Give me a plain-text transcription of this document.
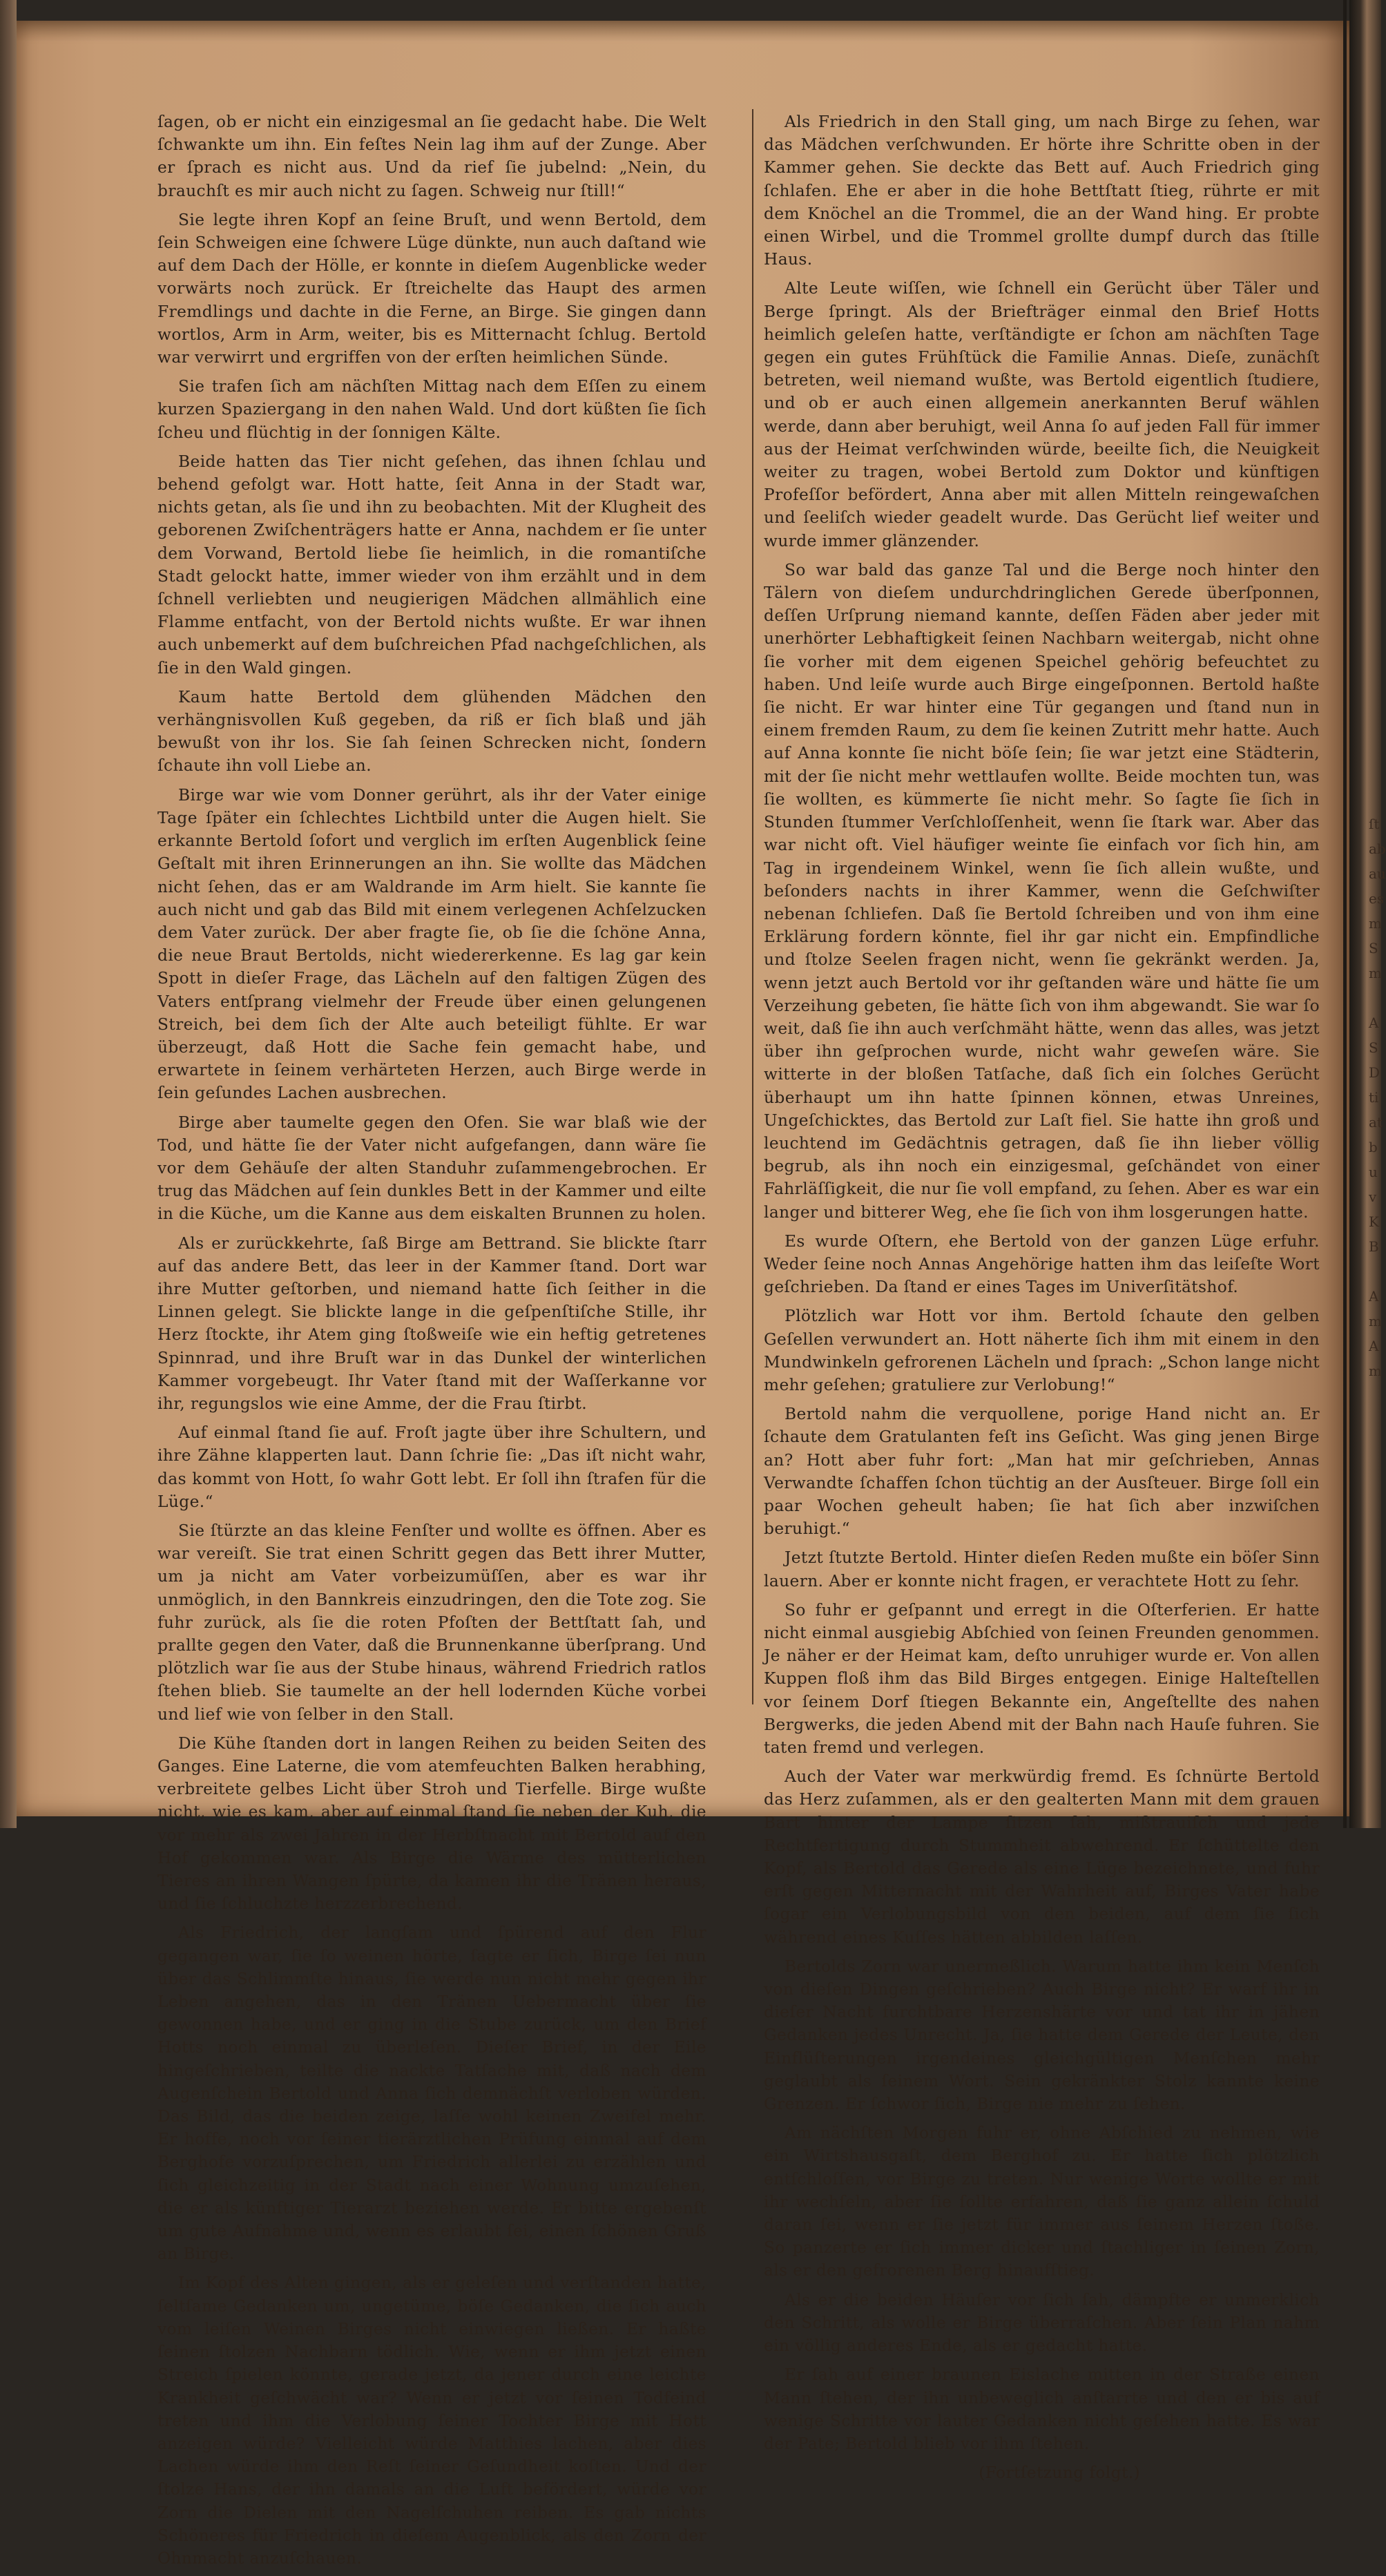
ſagen, ob er nicht ein einzigesmal an ſie gedacht habe. Die Welt ſchwankte um ihn. Ein feſtes Nein lag ihm auf der Zunge. Aber er ſprach es nicht aus. Und da rief ſie jubelnd: „Nein, du brauchſt es mir auch nicht zu ſagen. Schweig nur ſtill!“

Sie legte ihren Kopf an ſeine Bruſt, und wenn Bertold, dem ſein Schweigen eine ſchwere Lüge dünkte, nun auch daſtand wie auf dem Dach der Hölle, er konnte in dieſem Augenblicke weder vorwärts noch zurück. Er ſtreichelte das Haupt des armen Fremdlings und dachte in die Ferne, an Birge. Sie gingen dann wortlos, Arm in Arm, weiter, bis es Mitternacht ſchlug. Bertold war verwirrt und ergriffen von der erſten heimlichen Sünde.

Sie trafen ſich am nächſten Mittag nach dem Eſſen zu einem kurzen Spaziergang in den nahen Wald. Und dort küßten ſie ſich ſcheu und flüchtig in der ſonnigen Kälte.

Beide hatten das Tier nicht geſehen, das ihnen ſchlau und behend gefolgt war. Hott hatte, ſeit Anna in der Stadt war, nichts getan, als ſie und ihn zu beobachten. Mit der Klugheit des geborenen Zwiſchenträgers hatte er Anna, nachdem er ſie unter dem Vorwand, Bertold liebe ſie heimlich, in die romantiſche Stadt gelockt hatte, immer wieder von ihm erzählt und in dem ſchnell verliebten und neugierigen Mädchen allmählich eine Flamme entfacht, von der Bertold nichts wußte. Er war ihnen auch unbemerkt auf dem buſchreichen Pfad nachgeſchlichen, als ſie in den Wald gingen.

Kaum hatte Bertold dem glühenden Mädchen den verhängnisvollen Kuß gegeben, da riß er ſich blaß und jäh bewußt von ihr los. Sie ſah ſeinen Schrecken nicht, ſondern ſchaute ihn voll Liebe an.

Birge war wie vom Donner gerührt, als ihr der Vater einige Tage ſpäter ein ſchlechtes Lichtbild unter die Augen hielt. Sie erkannte Bertold ſofort und verglich im erſten Augenblick ſeine Geſtalt mit ihren Erinnerungen an ihn. Sie wollte das Mädchen nicht ſehen, das er am Waldrande im Arm hielt. Sie kannte ſie auch nicht und gab das Bild mit einem verlegenen Achſelzucken dem Vater zurück. Der aber fragte ſie, ob ſie die ſchöne Anna, die neue Braut Bertolds, nicht wiedererkenne. Es lag gar kein Spott in dieſer Frage, das Lächeln auf den faltigen Zügen des Vaters entſprang vielmehr der Freude über einen gelungenen Streich, bei dem ſich der Alte auch beteiligt fühlte. Er war überzeugt, daß Hott die Sache fein gemacht habe, und erwartete in ſeinem verhärteten Herzen, auch Birge werde in ſein geſundes Lachen ausbrechen.

Birge aber taumelte gegen den Ofen. Sie war blaß wie der Tod, und hätte ſie der Vater nicht aufgefangen, dann wäre ſie vor dem Gehäuſe der alten Standuhr zuſammengebrochen. Er trug das Mädchen auf ſein dunkles Bett in der Kammer und eilte in die Küche, um die Kanne aus dem eiskalten Brunnen zu holen.

Als er zurückkehrte, ſaß Birge am Bettrand. Sie blickte ſtarr auf das andere Bett, das leer in der Kammer ſtand. Dort war ihre Mutter geſtorben, und niemand hatte ſich ſeither in die Linnen gelegt. Sie blickte lange in die geſpenſtiſche Stille, ihr Herz ſtockte, ihr Atem ging ſtoßweiſe wie ein heftig getretenes Spinnrad, und ihre Bruſt war in das Dunkel der winterlichen Kammer vorgebeugt. Ihr Vater ſtand mit der Waſſerkanne vor ihr, regungslos wie eine Amme, der die Frau ſtirbt.

Auf einmal ſtand ſie auf. Froſt jagte über ihre Schultern, und ihre Zähne klapperten laut. Dann ſchrie ſie: „Das iſt nicht wahr, das kommt von Hott, ſo wahr Gott lebt. Er ſoll ihn ſtrafen für die Lüge.“

Sie ſtürzte an das kleine Fenſter und wollte es öffnen. Aber es war vereiſt. Sie trat einen Schritt gegen das Bett ihrer Mutter, um ja nicht am Vater vorbeizumüſſen, aber es war ihr unmöglich, in den Bannkreis einzudringen, den die Tote zog. Sie fuhr zurück, als ſie die roten Pfoſten der Bettſtatt ſah, und prallte gegen den Vater, daß die Brunnenkanne überſprang. Und plötzlich war ſie aus der Stube hinaus, während Friedrich ratlos ſtehen blieb. Sie taumelte an der hell lodernden Küche vorbei und lief wie von ſelber in den Stall.

Die Kühe ſtanden dort in langen Reihen zu beiden Seiten des Ganges. Eine Laterne, die vom atemfeuchten Balken herabhing, verbreitete gelbes Licht über Stroh und Tierfelle. Birge wußte nicht, wie es kam, aber auf einmal ſtand ſie neben der Kuh, die vor mehr als zwei Jahren in der Herbſtnacht mit Bertold auf den Hof gekommen war. Als Birge die Wärme des mütterlichen Tieres an ihren Wangen ſpürte, da kamen ihr die Tränen heraus, und ſie ſchluchzte herzzerbrechend.

Als Friedrich, der langſam und ſpürend auf den Flur gegangen war, ſie ſo weinen hörte, ſagte er ſich, Birge ſei nun über das Schlimmſte hinaus, ſie werde nun nicht mehr gegen ihr Leben angehen, das in den Tränen Uebermacht über ſie gewonnen habe, und er ging in die Stube zurück, um den Brief Hotts noch einmal zu überleſen. Dieſer Brief, in der Eile hingeſchrieben, teilte die nackte Tatſache mit, daß nach dem Augenſchein Bertold und Anna ſich demnächſt verloben würden. Das Bild, das die beiden zeige, laſſe wohl keinen Zweifel mehr. Er hoffe, noch vor ſeiner tierärztlichen Prüfung einmal auf dem Berghofe vorzuſprechen, um Friedrich allerlei zu erzählen und ſich gleichzeitig in der Stadt nach einer Wohnung umzuſehen, die er als künftiger Tierarzt beziehen werde. Er bitte ergebenſt um gute Aufnahme und, wenn es erlaubt ſei, einen ſchönen Gruß an Birge.

Im Kopf des Alten gingen, als er geleſen und verſtanden hatte, ſeltſame Gedanken um, ungetüme, böſe Gedanken, die ſich auch vom leiſen Weinen Birges nicht einwiegen ließen. Er haßte ſeinen ſtolzen Nachbarn tödlich. Wie, wenn er ihm jetzt einen Streich ſpielen könnte, gerade jetzt, da jener durch eine leichte Krankheit geſchwächt war? Wenn er jetzt vor ſeinen Todfeind treten und ihm die Verlobung ſeiner Tochter Birge mit Hott anzeigen würde? Vielleicht würde Matthies lachen, aber dies Lachen würde ihm den Reſt ſeiner Geſundheit koſten. Und der ſtolze Hans, der ihn damals an die Luft befördert, würde vor Zorn die Dielen mit den Nagelſchuhen reiben. Es gab nichts Schöneres für Friedrich in dieſem Augenblick, als den Zorn der Ohnmacht anzuſchauen.

Als Friedrich in den Stall ging, um nach Birge zu ſehen, war das Mädchen verſchwunden. Er hörte ihre Schritte oben in der Kammer gehen. Sie deckte das Bett auf. Auch Friedrich ging ſchlafen. Ehe er aber in die hohe Bettſtatt ſtieg, rührte er mit dem Knöchel an die Trommel, die an der Wand hing. Er probte einen Wirbel, und die Trommel grollte dumpf durch das ſtille Haus.

Alte Leute wiſſen, wie ſchnell ein Gerücht über Täler und Berge ſpringt. Als der Briefträger einmal den Brief Hotts heimlich geleſen hatte, verſtändigte er ſchon am nächſten Tage gegen ein gutes Frühſtück die Familie Annas. Dieſe, zunächſt betreten, weil niemand wußte, was Bertold eigentlich ſtudiere, und ob er auch einen allgemein anerkannten Beruf wählen werde, dann aber beruhigt, weil Anna ſo auf jeden Fall für immer aus der Heimat verſchwinden würde, beeilte ſich, die Neuigkeit weiter zu tragen, wobei Bertold zum Doktor und künftigen Profeſſor befördert, Anna aber mit allen Mitteln reingewaſchen und ſeeliſch wieder geadelt wurde. Das Gerücht lief weiter und wurde immer glänzender.

So war bald das ganze Tal und die Berge noch hinter den Tälern von dieſem undurchdringlichen Gerede überſponnen, deſſen Urſprung niemand kannte, deſſen Fäden aber jeder mit unerhörter Lebhaftigkeit ſeinen Nachbarn weitergab, nicht ohne ſie vorher mit dem eigenen Speichel gehörig befeuchtet zu haben. Und leiſe wurde auch Birge eingeſponnen. Bertold haßte ſie nicht. Er war hinter eine Tür gegangen und ſtand nun in einem fremden Raum, zu dem ſie keinen Zutritt mehr hatte. Auch auf Anna konnte ſie nicht böſe ſein; ſie war jetzt eine Städterin, mit der ſie nicht mehr wettlaufen wollte. Beide mochten tun, was ſie wollten, es kümmerte ſie nicht mehr. So ſagte ſie ſich in Stunden ſtummer Verſchloſſenheit, wenn ſie ſtark war. Aber das war nicht oft. Viel häufiger weinte ſie einfach vor ſich hin, am Tag in irgendeinem Winkel, wenn ſie ſich allein wußte, und beſonders nachts in ihrer Kammer, wenn die Geſchwiſter nebenan ſchliefen. Daß ſie Bertold ſchreiben und von ihm eine Erklärung fordern könnte, fiel ihr gar nicht ein. Empfindliche und ſtolze Seelen fragen nicht, wenn ſie gekränkt werden. Ja, wenn jetzt auch Bertold vor ihr geſtanden wäre und hätte ſie um Verzeihung gebeten, ſie hätte ſich von ihm abgewandt. Sie war ſo weit, daß ſie ihn auch verſchmäht hätte, wenn das alles, was jetzt über ihn geſprochen wurde, nicht wahr geweſen wäre. Sie witterte in der bloßen Tatſache, daß ſich ein ſolches Gerücht überhaupt um ihn hatte ſpinnen können, etwas Unreines, Ungeſchicktes, das Bertold zur Laſt fiel. Sie hatte ihn groß und leuchtend im Gedächtnis getragen, daß ſie ihn lieber völlig begrub, als ihn noch ein einzigesmal, geſchändet von einer Fahrläſſigkeit, die nur ſie voll empfand, zu ſehen. Aber es war ein langer und bitterer Weg, ehe ſie ſich von ihm losgerungen hatte.

Es wurde Oſtern, ehe Bertold von der ganzen Lüge erfuhr. Weder ſeine noch Annas Angehörige hatten ihm das leiſeſte Wort geſchrieben. Da ſtand er eines Tages im Univerſitätshof.

Plötzlich war Hott vor ihm. Bertold ſchaute den gelben Geſellen verwundert an. Hott näherte ſich ihm mit einem in den Mundwinkeln gefrorenen Lächeln und ſprach: „Schon lange nicht mehr geſehen; gratuliere zur Verlobung!“

Bertold nahm die verquollene, porige Hand nicht an. Er ſchaute dem Gratulanten feſt ins Geſicht. Was ging jenen Birge an? Hott aber fuhr fort: „Man hat mir geſchrieben, Annas Verwandte ſchaffen ſchon tüchtig an der Ausſteuer. Birge ſoll ein paar Wochen geheult haben; ſie hat ſich aber inzwiſchen beruhigt.“

Jetzt ſtutzte Bertold. Hinter dieſen Reden mußte ein böſer Sinn lauern. Aber er konnte nicht fragen, er verachtete Hott zu ſehr.

So fuhr er geſpannt und erregt in die Oſterferien. Er hatte nicht einmal ausgiebig Abſchied von ſeinen Freunden genommen. Je näher er der Heimat kam, deſto unruhiger wurde er. Von allen Kuppen floß ihm das Bild Birges entgegen. Einige Halteſtellen vor ſeinem Dorf ſtiegen Bekannte ein, Angeſtellte des nahen Bergwerks, die jeden Abend mit der Bahn nach Hauſe fuhren. Sie taten fremd und verlegen.

Auch der Vater war merkwürdig fremd. Es ſchnürte Bertold das Herz zuſammen, als er den gealterten Mann mit dem grauen Bart hinter der Lampe ſitzen ſah, mißtrauiſch und jede Rechtfertigung durch Stummheit abwehrend. Er ſchüttelte den Kopf, als Bertold das Gerede als eine Lüge bezeichnete, und fuhr erſt gegen Mitternacht mit der Wahrheit auf, Birges Vater habe ſogar ein Verlobungsbild von den beiden, auf dem ſie ſich während eines Kuſſes hätten abbilden laſſen.

Bertolds Zorn war unermeßlich. Warum hatte ihm kein Menſch von dieſen Dingen geſchrieben? Auch Birge nicht? Er warf ihr in dieſer Nacht furchtbare Herzenshärte vor und tat ihr in jähen Gedanken jedes Unrecht. Ja, ſie hatte dem Gerede der Leute, den Einflüſterungen irgendeines gleichgültigen Menſchen mehr geglaubt als ſeinem Wort. Sein gekränkter Stolz kannte keine Grenzen. Er ſchwor ſich, Birge nie mehr zu ſehen.

Am nächſten Morgen fuhr er, ohne Abſchied zu nehmen, wie ein Wirtshausgaſt, dem Berghof zu. Er hatte ſich plötzlich entſchloſſen, vor Birge zu treten. Nur wenige Worte wollte er mit ihr wechſeln, aber ſie ſollte erfahren, daß ſie ganz allein ſchuld daran ſei, wenn er ſie jetzt für immer aus ſeinem Herzen ſtoße. So panzerte er ſich immer dicker und ſtachliger in ſeinen Zorn, als er den gefrorenen Berg hinaufſtieg.

Als er die beiden Häuſer vor ſich ſah, dämpfte er unmerklich den Schritt, als wolle er Birge überraſchen. Aber ſein Plan nahm ein völlig anderes Ende, als er gedacht hatte.

Er ſah auf einer braunen Eislache mitten in der Straße einen Mann ſtehen, der ihn unbeweglich anſtarrte und den er bis auf wenige Schritte vor lauter Gedanken nicht geſehen hatte. Es war der Pate; Bertold blieb vor ihm ſtehen.

(Fortſetzung folgt.)

ſt
ab
au
es
m
S
m

A
S
D
ti
at
b
u
v
K
B

A
m
A
m
